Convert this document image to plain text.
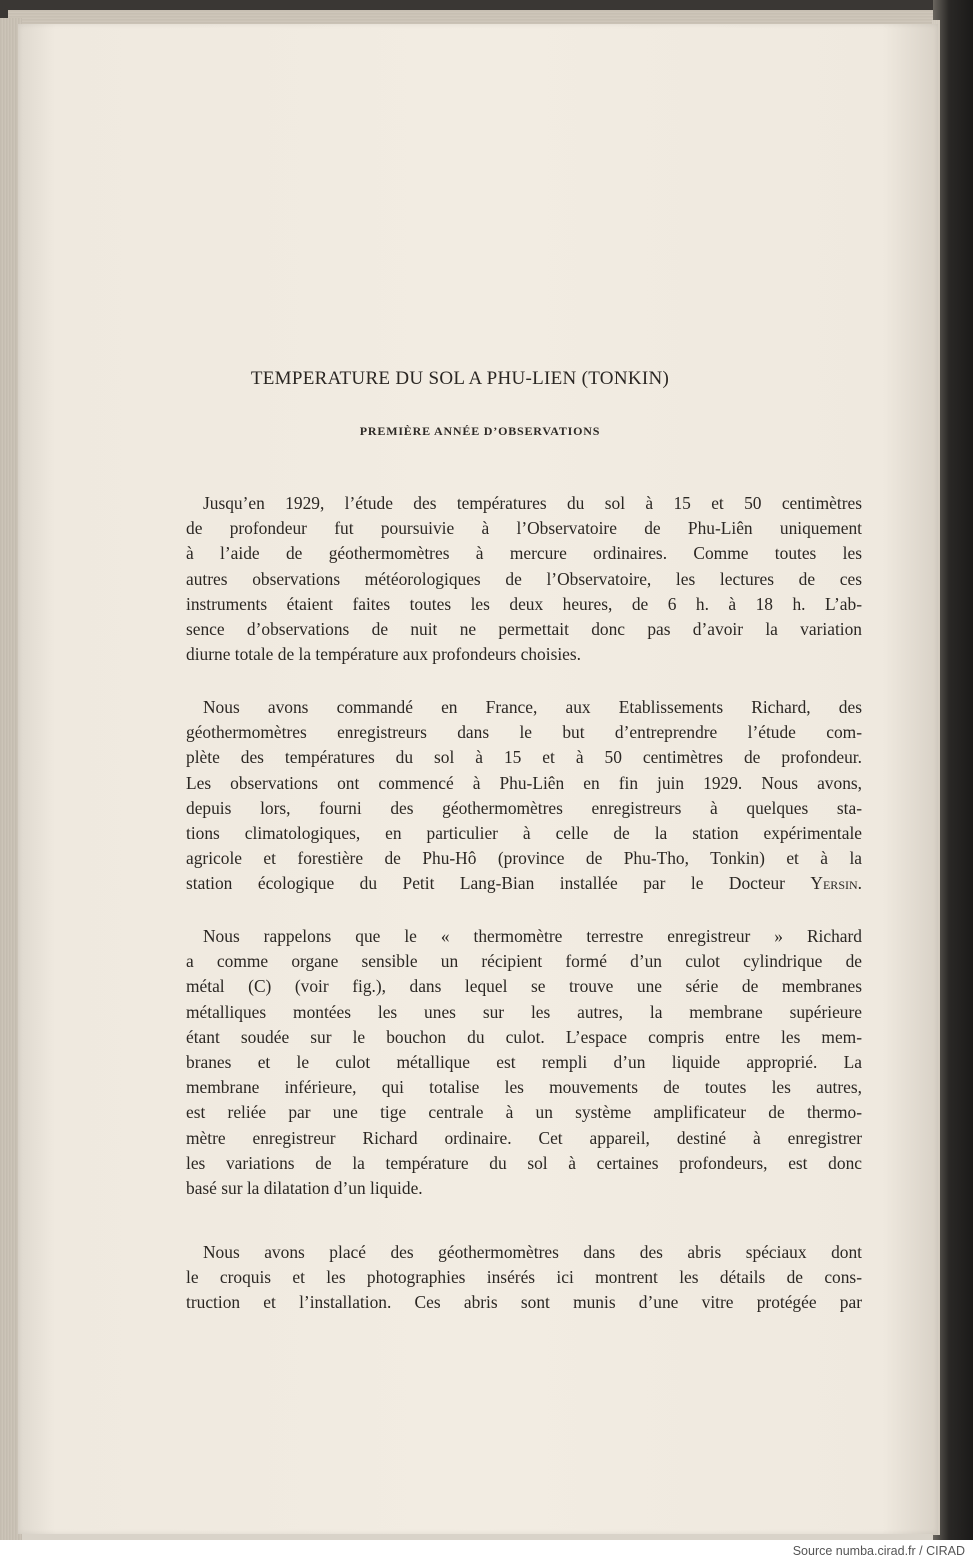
TEMPERATURE DU SOL A PHU-LIEN (TONKIN)
PREMIÈRE ANNÉE D’OBSERVATIONS
Jusqu’en 1929, l’étude des températures du sol à 15 et 50 centimètres
de profondeur fut poursuivie à l’Observatoire de Phu-Liên uniquement
à l’aide de géothermomètres à mercure ordinaires. Comme toutes les
autres observations météorologiques de l’Observatoire, les lectures de ces
instruments étaient faites toutes les deux heures, de 6 h. à 18 h. L’ab-
sence d’observations de nuit ne permettait donc pas d’avoir la variation
diurne totale de la température aux profondeurs choisies.
Nous avons commandé en France, aux Etablissements Richard, des
géothermomètres enregistreurs dans le but d’entreprendre l’étude com-
plète des températures du sol à 15 et à 50 centimètres de profondeur.
Les observations ont commencé à Phu-Liên en fin juin 1929. Nous avons,
depuis lors, fourni des géothermomètres enregistreurs à quelques sta-
tions climatologiques, en particulier à celle de la station expérimentale
agricole et forestière de Phu-Hô (province de Phu-Tho, Tonkin) et à la
station écologique du Petit Lang-Bian installée par le Docteur Yersin.
Nous rappelons que le « thermomètre terrestre enregistreur » Richard
a comme organe sensible un récipient formé d’un culot cylindrique de
métal (C) (voir fig.), dans lequel se trouve une série de membranes
métalliques montées les unes sur les autres, la membrane supérieure
étant soudée sur le bouchon du culot. L’espace compris entre les mem-
branes et le culot métallique est rempli d’un liquide approprié. La
membrane inférieure, qui totalise les mouvements de toutes les autres,
est reliée par une tige centrale à un système amplificateur de thermo-
mètre enregistreur Richard ordinaire. Cet appareil, destiné à enregistrer
les variations de la température du sol à certaines profondeurs, est donc
basé sur la dilatation d’un liquide.
Nous avons placé des géothermomètres dans des abris spéciaux dont
le croquis et les photographies insérés ici montrent les détails de cons-
truction et l’installation. Ces abris sont munis d’une vitre protégée par
Source numba.cirad.fr / CIRAD
